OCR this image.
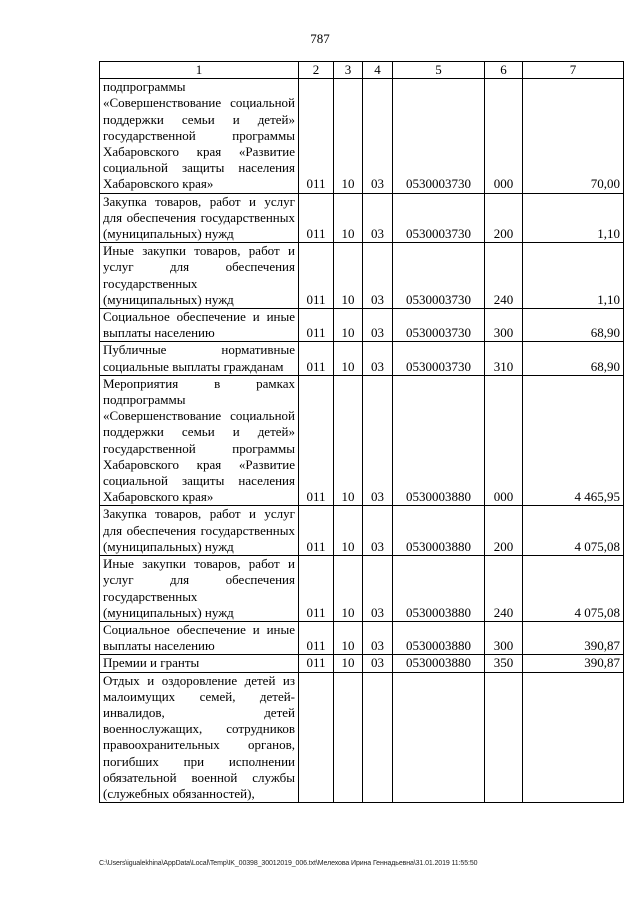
787
1	2	3	4	5	6	7
подпрограммы «Совершенствование социальной поддержки семьи и детей» государственной программы Хабаровского края «Развитие социальной защиты населения Хабаровского края»	011	10	03	0530003730	000	70,00
Закупка товаров, работ и услуг для обеспечения государственных (муниципальных) нужд	011	10	03	0530003730	200	1,10
Иные закупки товаров, работ и услуг для обеспечения государственных (муниципальных) нужд	011	10	03	0530003730	240	1,10
Социальное обеспечение и иные выплаты населению	011	10	03	0530003730	300	68,90
Публичные нормативные социальные выплаты гражданам	011	10	03	0530003730	310	68,90
Мероприятия в рамках подпрограммы «Совершенствование социальной поддержки семьи и детей» государственной программы Хабаровского края «Развитие социальной защиты населения Хабаровского края»	011	10	03	0530003880	000	4 465,95
Закупка товаров, работ и услуг для обеспечения государственных (муниципальных) нужд	011	10	03	0530003880	200	4 075,08
Иные закупки товаров, работ и услуг для обеспечения государственных (муниципальных) нужд	011	10	03	0530003880	240	4 075,08
Социальное обеспечение и иные выплаты населению	011	10	03	0530003880	300	390,87
Премии и гранты	011	10	03	0530003880	350	390,87
Отдых и оздоровление детей из малоимущих семей, детей-инвалидов, детей военнослужащих, сотрудников правоохранительных органов, погибших при исполнении обязательной военной службы (служебных обязанностей),						
C:\Users\igualekhina\AppData\Local\Temp\IK_00398_30012019_006.txt\Мелехова Ирина Геннадьевна\31.01.2019 11:55:50
